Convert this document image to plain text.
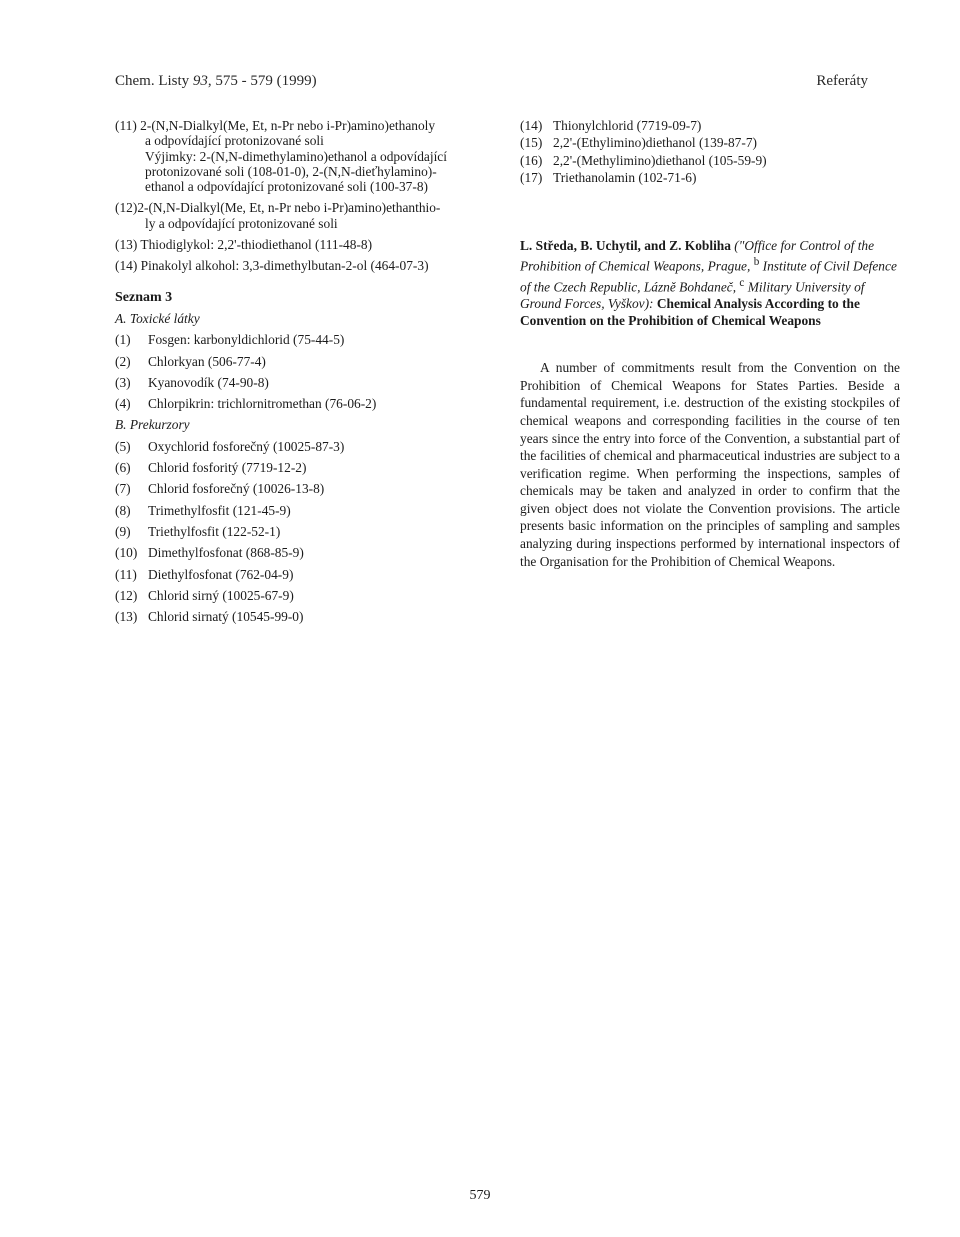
Chem. Listy 93, 575 - 579 (1999)	Referáty
(11) 2-(N,N-Dialkyl(Me, Et, n-Pr nebo i-Pr)amino)ethanoly
a odpovídající protonizované soli
Výjimky: 2-(N,N-dimethylamino)ethanol a odpovídající
protonizované soli (108-01-0), 2-(N,N-dieťhylamino)-
ethanol a odpovídající protonizované soli (100-37-8)
(12)2-(N,N-Dialkyl(Me, Et, n-Pr nebo i-Pr)amino)ethanthio-
ly a odpovídající protonizované soli
(13) Thiodiglykol: 2,2'-thiodiethanol (111-48-8)
(14) Pinakolyl alkohol: 3,3-dimethylbutan-2-ol (464-07-3)
Seznam 3
A. Toxické látky
(1)	Fosgen: karbonyldichlorid (75-44-5)
(2)	Chlorkyan (506-77-4)
(3)	Kyanovodík (74-90-8)
(4)	Chlorpikrin: trichlornitromethan (76-06-2)
B. Prekurzory
(5)	Oxychlorid fosforečný (10025-87-3)
(6)	Chlorid fosforitý (7719-12-2)
(7)	Chlorid fosforečný (10026-13-8)
(8)	Trimethylfosfit (121-45-9)
(9)	Triethylfosfit (122-52-1)
(10) Dimethylfosfonat (868-85-9)
(11) Diethylfosfonat (762-04-9)
(12) Chlorid sirný (10025-67-9)
(13) Chlorid sirnatý (10545-99-0)
(14) Thionylchlorid (7719-09-7)
(15) 2,2'-(Ethylimino)diethanol (139-87-7)
(16) 2,2'-(Methylimino)diethanol (105-59-9)
(17) Triethanolamin (102-71-6)
L. Středa, B. Uchytil, and Z. Kobliha ("Office for Control of the Prohibition of Chemical Weapons, Prague, $^b$ Institute of Civil Defence of the Czech Republic, Lázně Bohdaneč, $^c$ Military University of Ground Forces, Vyškov): Chemical Analysis According to the Convention on the Prohibition of Chemical Weapons
A number of commitments result from the Convention on the Prohibition of Chemical Weapons for States Parties. Beside a fundamental requirement, i.e. destruction of the existing stockpiles of chemical weapons and corresponding facilities in the course of ten years since the entry into force of the Convention, a substantial part of the facilities of chemical and pharmaceutical industries are subject to a verification regime. When performing the inspections, samples of chemicals may be taken and analyzed in order to confirm that the given object does not violate the Convention provisions. The article presents basic information on the principles of sampling and samples analyzing during inspections performed by international inspectors of the Organisation for the Prohibition of Chemical Weapons.
579
